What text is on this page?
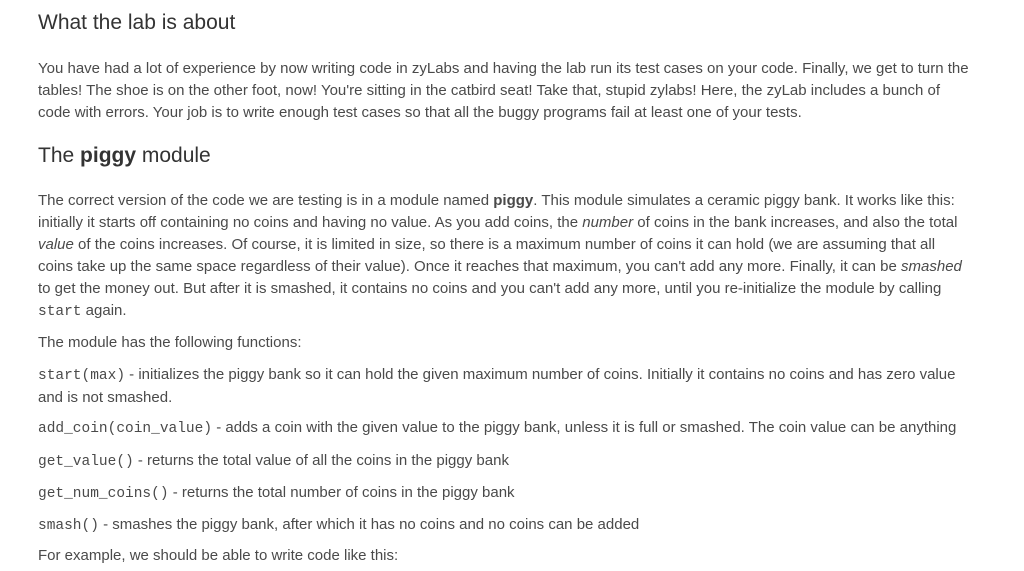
What the lab is about

You have had a lot of experience by now writing code in zyLabs and having the lab run its test cases on your code. Finally, we get to turn the
tables! The shoe is on the other foot, now! You're sitting in the catbird seat! Take that, stupid zylabs! Here, the zyLab includes a bunch of
code with errors. Your job is to write enough test cases so that all the buggy programs fail at least one of your tests.

The piggy module

The correct version of the code we are testing is in a module named piggy. This module simulates a ceramic piggy bank. It works like this:
initially it starts off containing no coins and having no value. As you add coins, the number of coins in the bank increases, and also the total
value of the coins increases. Of course, it is limited in size, so there is a maximum number of coins it can hold (we are assuming that all
coins take up the same space regardless of their value). Once it reaches that maximum, you can't add any more. Finally, it can be smashed
to get the money out. But after it is smashed, it contains no coins and you can't add any more, until you re-initialize the module by calling
start again.

The module has the following functions:

start(max) - initializes the piggy bank so it can hold the given maximum number of coins. Initially it contains no coins and has zero value
and is not smashed.

add_coin(coin_value) - adds a coin with the given value to the piggy bank, unless it is full or smashed. The coin value can be anything

get_value() - returns the total value of all the coins in the piggy bank

get_num_coins() - returns the total number of coins in the piggy bank

smash() - smashes the piggy bank, after which it has no coins and no coins can be added

For example, we should be able to write code like this:
